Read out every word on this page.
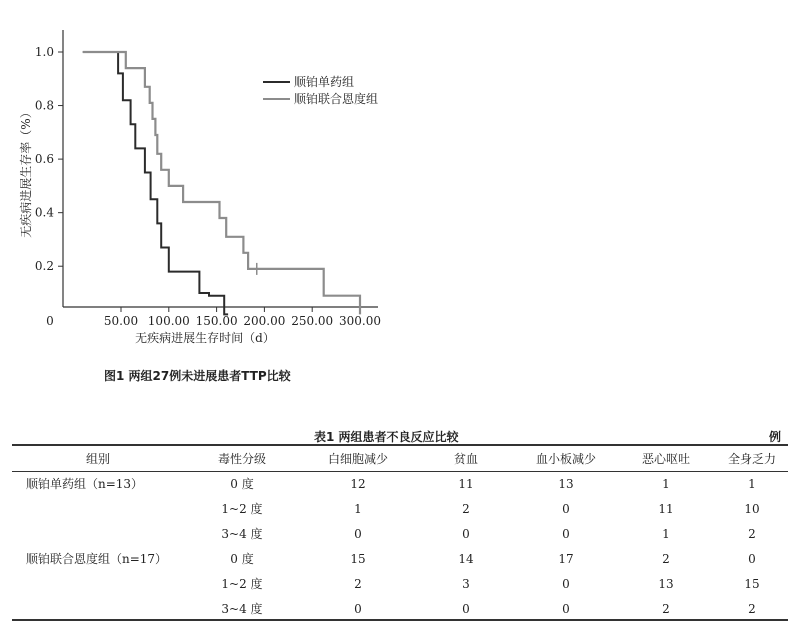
0.2
0.4
0.6
0.8
1.0
50.00 100.00 150.00 200.00 250.00 300.00
0
无疾病进展生存时间（d）
无疾病进展生存率（%）
顺铂单药组
顺铂联合恩度组
图1 两组27例未进展患者TTP比较
表1 两组患者不良反应比较	例
组别	毒性分级	白细胞减少	贫血	血小板减少	恶心呕吐	全身乏力
顺铂单药组（n=13）	0 度	12	11	13	1	1
	1~2 度	1	2	0	11	10
	3~4 度	0	0	0	1	2
顺铂联合恩度组（n=17）	0 度	15	14	17	2	0
	1~2 度	2	3	0	13	15
	3~4 度	0	0	0	2	2
